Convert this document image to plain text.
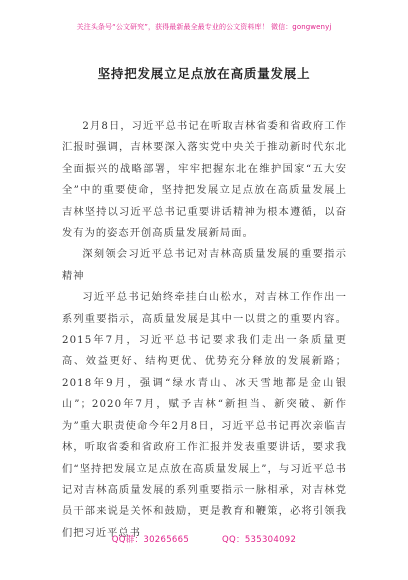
关注头条号“公文研究”，获得最新最全最专业的公文资料库！ 微信：gongwenyj
坚持把发展立足点放在高质量发展上

2月8日，习近平总书记在听取吉林省委和省政府工作汇报时强调，吉林要深入落实党中央关于推动新时代东北全面振兴的战略部署，牢牢把握东北在维护国家“五大安全”中的重要使命，坚持把发展立足点放在高质量发展上吉林坚持以习近平总书记重要讲话精神为根本遵循，以奋发有为的姿态开创高质量发展新局面。

深刻领会习近平总书记对吉林高质量发展的重要指示精神

习近平总书记始终牵挂白山松水，对吉林工作作出一系列重要指示，高质量发展是其中一以贯之的重要内容。2015年7月，习近平总书记要求我们走出一条质量更高、效益更好、结构更优、优势充分释放的发展新路；2018年9月，强调“绿水青山、冰天雪地都是金山银山”；2020年7月，赋予吉林“新担当、新突破、新作为”重大职责使命今年2月8日，习近平总书记再次亲临吉林，听取省委和省政府工作汇报并发表重要讲话，要求我们“坚持把发展立足点放在高质量发展上”，与习近平总书记对吉林高质量发展的系列重要指示一脉相承，对吉林党员干部来说是关怀和鼓励，更是教育和鞭策，必将引领我们把习近平总书

QQ群：30265665	QQ：535304092
